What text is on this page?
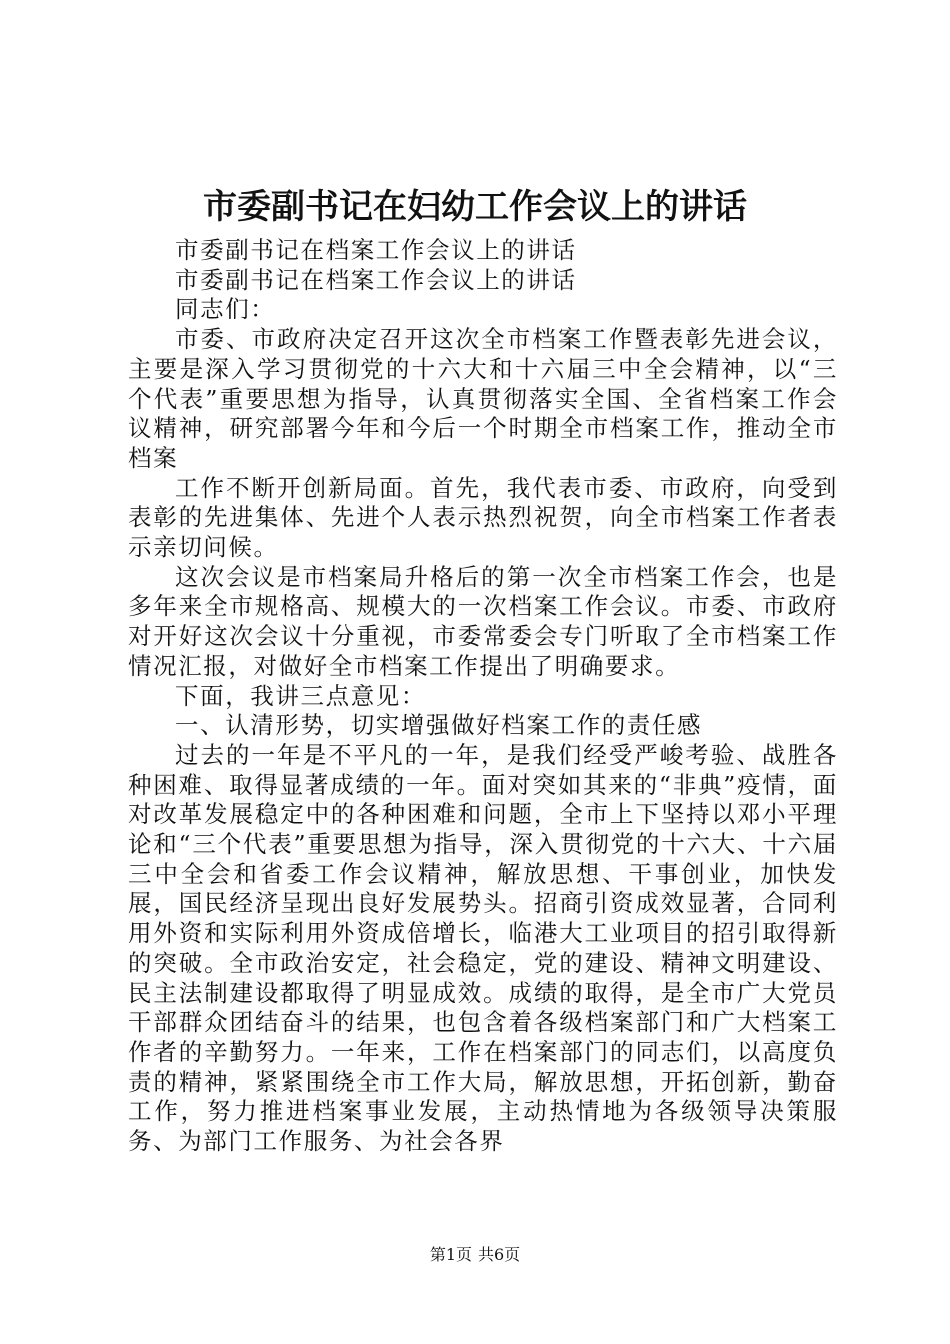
市委副书记在妇幼工作会议上的讲话

市委副书记在档案工作会议上的讲话

市委副书记在档案工作会议上的讲话

同志们：

市委、市政府决定召开这次全市档案工作暨表彰先进会议，主要是深入学习贯彻党的十六大和十六届三中全会精神，以“三个代表”重要思想为指导，认真贯彻落实全国、全省档案工作会议精神，研究部署今年和今后一个时期全市档案工作，推动全市档案

工作不断开创新局面。首先，我代表市委、市政府，向受到表彰的先进集体、先进个人表示热烈祝贺，向全市档案工作者表示亲切问候。

这次会议是市档案局升格后的第一次全市档案工作会，也是多年来全市规格高、规模大的一次档案工作会议。市委、市政府对开好这次会议十分重视，市委常委会专门听取了全市档案工作情况汇报，对做好全市档案工作提出了明确要求。

下面，我讲三点意见：

一、认清形势，切实增强做好档案工作的责任感

过去的一年是不平凡的一年，是我们经受严峻考验、战胜各种困难、取得显著成绩的一年。面对突如其来的“非典”疫情，面对改革发展稳定中的各种困难和问题，全市上下坚持以邓小平理论和“三个代表”重要思想为指导，深入贯彻党的十六大、十六届三中全会和省委工作会议精神，解放思想、干事创业，加快发展，国民经济呈现出良好发展势头。招商引资成效显著，合同利用外资和实际利用外资成倍增长，临港大工业项目的招引取得新的突破。全市政治安定，社会稳定，党的建设、精神文明建设、民主法制建设都取得了明显成效。成绩的取得，是全市广大党员干部群众团结奋斗的结果，也包含着各级档案部门和广大档案工作者的辛勤努力。一年来，工作在档案部门的同志们，以高度负责的精神，紧紧围绕全市工作大局，解放思想，开拓创新，勤奋工作，努力推进档案事业发展，主动热情地为各级领导决策服务、为部门工作服务、为社会各界

第1页 共6页
